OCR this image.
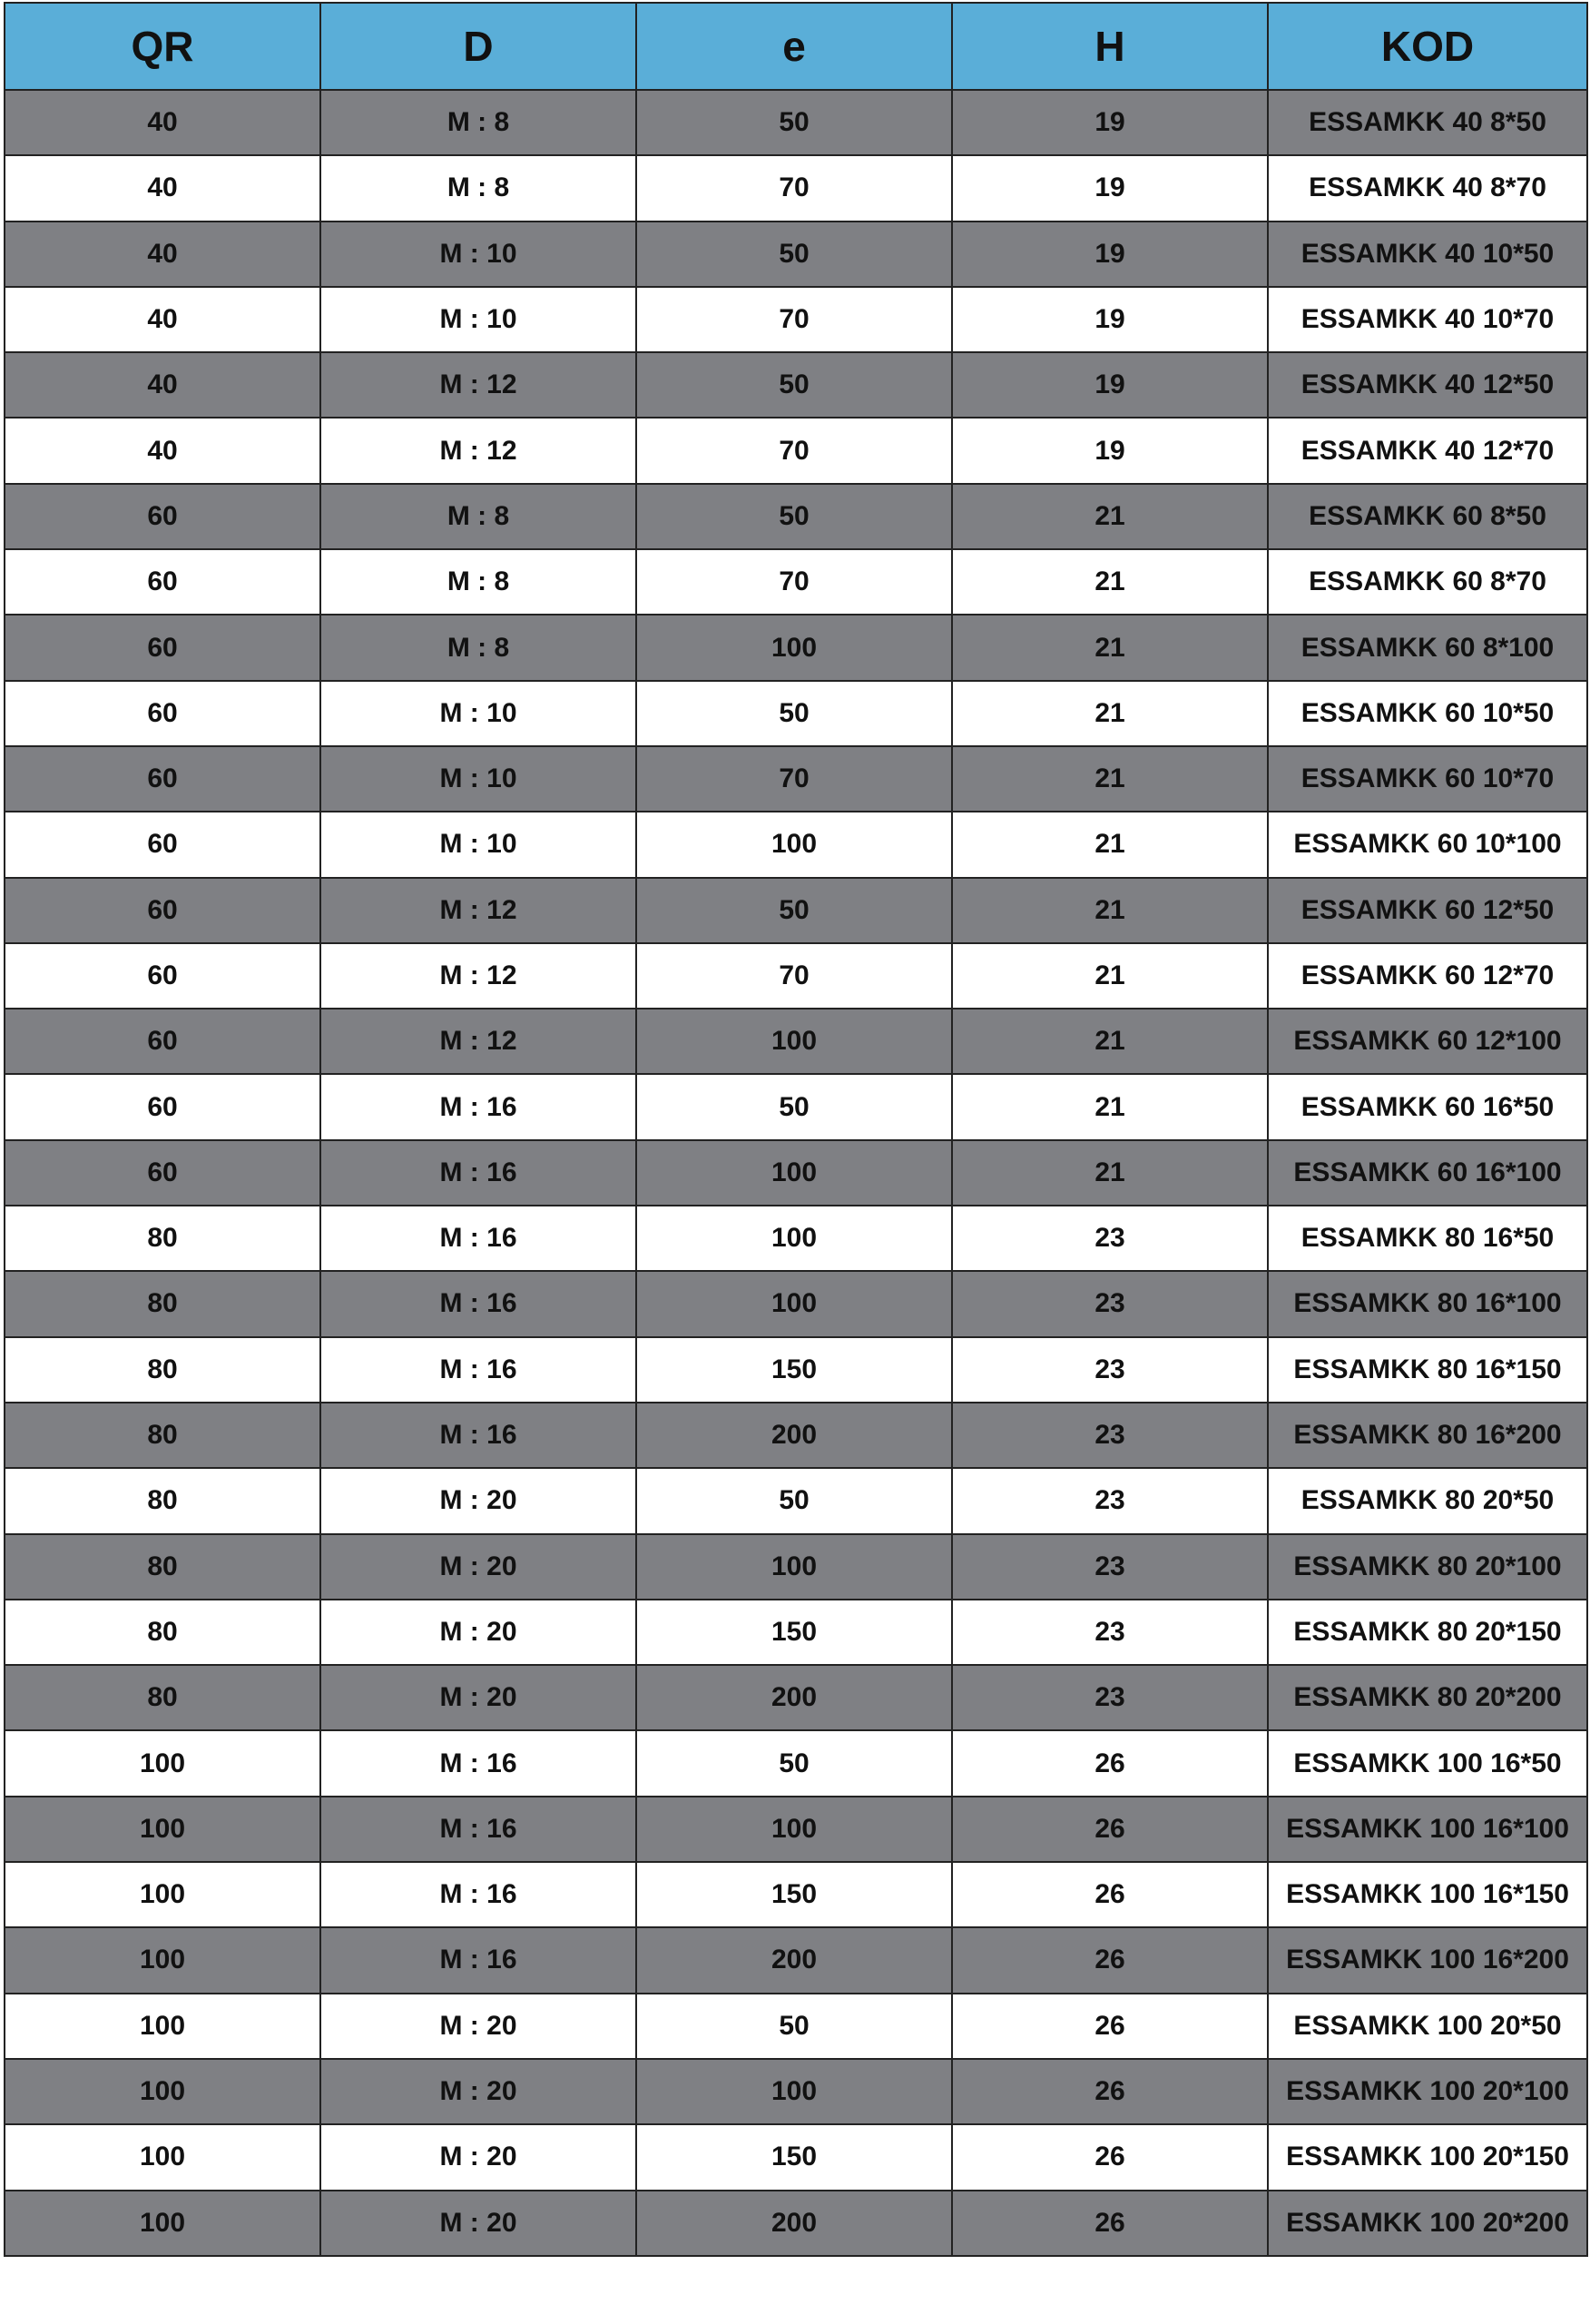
QR	D	e	H	KOD
40	M : 8	50	19	ESSAMKK 40 8*50
40	M : 8	70	19	ESSAMKK 40 8*70
40	M : 10	50	19	ESSAMKK 40 10*50
40	M : 10	70	19	ESSAMKK 40 10*70
40	M : 12	50	19	ESSAMKK 40 12*50
40	M : 12	70	19	ESSAMKK 40 12*70
60	M : 8	50	21	ESSAMKK 60 8*50
60	M : 8	70	21	ESSAMKK 60 8*70
60	M : 8	100	21	ESSAMKK 60 8*100
60	M : 10	50	21	ESSAMKK 60 10*50
60	M : 10	70	21	ESSAMKK 60 10*70
60	M : 10	100	21	ESSAMKK 60 10*100
60	M : 12	50	21	ESSAMKK 60 12*50
60	M : 12	70	21	ESSAMKK 60 12*70
60	M : 12	100	21	ESSAMKK 60 12*100
60	M : 16	50	21	ESSAMKK 60 16*50
60	M : 16	100	21	ESSAMKK 60 16*100
80	M : 16	100	23	ESSAMKK 80 16*50
80	M : 16	100	23	ESSAMKK 80 16*100
80	M : 16	150	23	ESSAMKK 80 16*150
80	M : 16	200	23	ESSAMKK 80 16*200
80	M : 20	50	23	ESSAMKK 80 20*50
80	M : 20	100	23	ESSAMKK 80 20*100
80	M : 20	150	23	ESSAMKK 80 20*150
80	M : 20	200	23	ESSAMKK 80 20*200
100	M : 16	50	26	ESSAMKK 100 16*50
100	M : 16	100	26	ESSAMKK 100 16*100
100	M : 16	150	26	ESSAMKK 100 16*150
100	M : 16	200	26	ESSAMKK 100 16*200
100	M : 20	50	26	ESSAMKK 100 20*50
100	M : 20	100	26	ESSAMKK 100 20*100
100	M : 20	150	26	ESSAMKK 100 20*150
100	M : 20	200	26	ESSAMKK 100 20*200
